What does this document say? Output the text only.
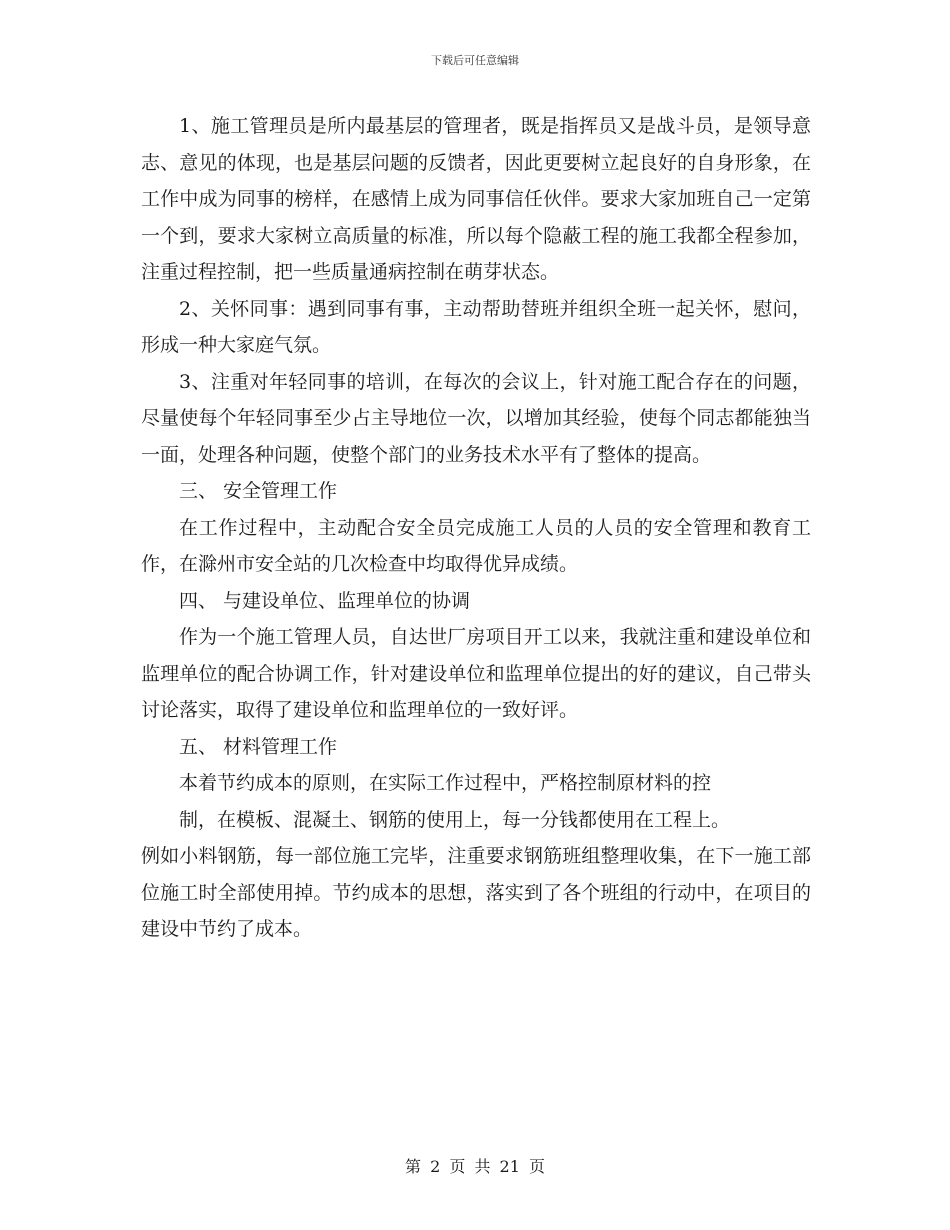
下载后可任意编辑

1、施工管理员是所内最基层的管理者，既是指挥员又是战斗员，是领导意志、意见的体现，也是基层问题的反馈者，因此更要树立起良好的自身形象，在工作中成为同事的榜样，在感情上成为同事信任伙伴。要求大家加班自己一定第一个到，要求大家树立高质量的标准，所以每个隐蔽工程的施工我都全程参加，注重过程控制，把一些质量通病控制在萌芽状态。

2、关怀同事：遇到同事有事，主动帮助替班并组织全班一起关怀，慰问，形成一种大家庭气氛。

3、注重对年轻同事的培训，在每次的会议上，针对施工配合存在的问题，尽量使每个年轻同事至少占主导地位一次，以增加其经验，使每个同志都能独当一面，处理各种问题，使整个部门的业务技术水平有了整体的提高。

三、 安全管理工作

在工作过程中，主动配合安全员完成施工人员的人员的安全管理和教育工作，在滁州市安全站的几次检查中均取得优异成绩。

四、 与建设单位、监理单位的协调

作为一个施工管理人员，自达世厂房项目开工以来，我就注重和建设单位和监理单位的配合协调工作，针对建设单位和监理单位提出的好的建议，自己带头讨论落实，取得了建设单位和监理单位的一致好评。

五、 材料管理工作

本着节约成本的原则，在实际工作过程中，严格控制原材料的控

制，在模板、混凝土、钢筋的使用上，每一分钱都使用在工程上。

例如小料钢筋，每一部位施工完毕，注重要求钢筋班组整理收集，在下一施工部位施工时全部使用掉。节约成本的思想，落实到了各个班组的行动中，在项目的建设中节约了成本。

第 2 页 共 21 页
